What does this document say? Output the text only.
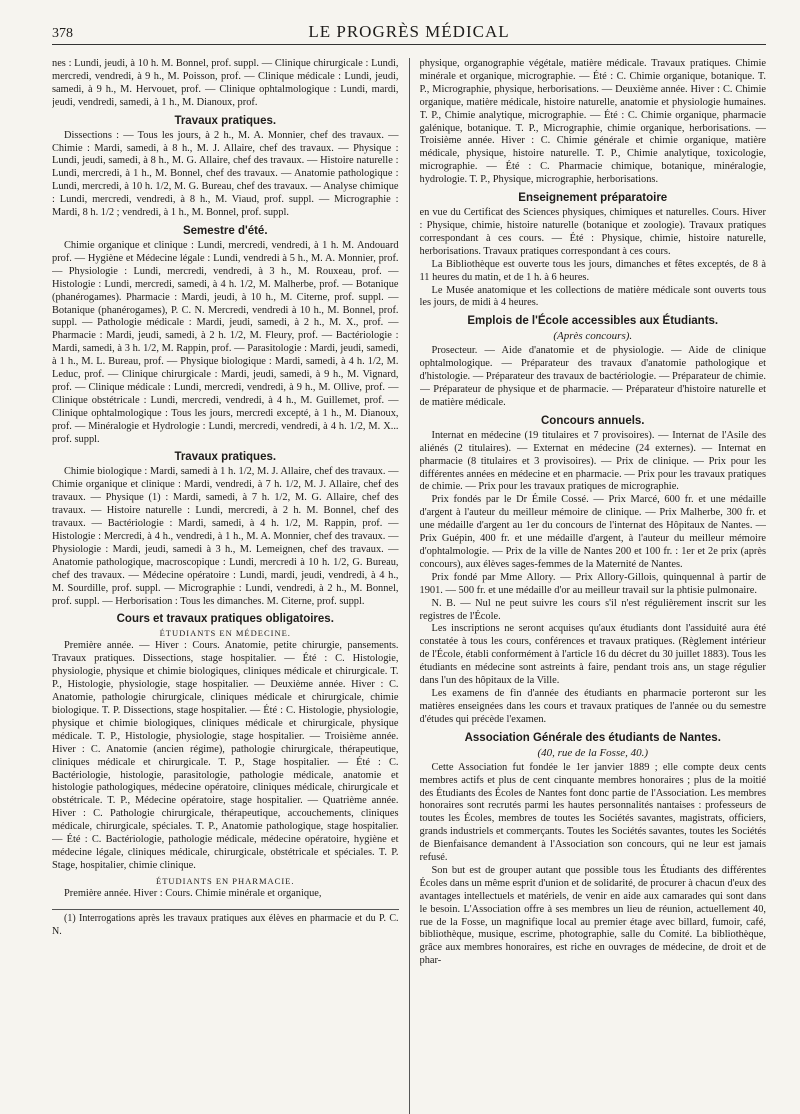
378	LE PROGRÈS MÉDICAL

nes : Lundi, jeudi, à 10 h. M. Bonnel, prof. suppl. — Clinique chirurgicale : Lundi, mercredi, vendredi, à 9 h., M. Poisson, prof. — Clinique médicale : Lundi, jeudi, samedi, à 9 h., M. Hervouet, prof. — Clinique ophtalmologique : Lundi, mardi, jeudi, vendredi, samedi, à 1 h., M. Dianoux, prof.

Travaux pratiques.

Dissections : — Tous les jours, à 2 h., M. A. Monnier, chef des travaux. — Chimie : Mardi, samedi, à 8 h., M. J. Allaire, chef des travaux. — Physique : Lundi, jeudi, samedi, à 8 h., M. G. Allaire, chef des travaux. — Histoire naturelle : Lundi, mercredi, à 1 h., M. Bonnel, chef des travaux. — Anatomie pathologique : Lundi, mercredi, à 10 h. 1/2, M. G. Bureau, chef des travaux. — Analyse chimique : Lundi, mercredi, vendredi, à 8 h., M. Viaud, prof. suppl. — Micrographie : Mardi, 8 h. 1/2 ; vendredi, à 1 h., M. Bonnel, prof. suppl.

Semestre d'été.

Chimie organique et clinique : Lundi, mercredi, vendredi, à 1 h. M. Andouard prof. — Hygiène et Médecine légale : Lundi, vendredi à 5 h., M. A. Monnier, prof. — Physiologie : Lundi, mercredi, vendredi, à 3 h., M. Rouxeau, prof. — Histologie : Lundi, mercredi, samedi, à 4 h. 1/2, M. Malherbe, prof. — Botanique (phanérogames). Pharmacie : Mardi, jeudi, à 10 h., M. Citerne, prof. suppl. — Botanique (phanérogames), P. C. N. Mercredi, vendredi à 10 h., M. Bonnel, prof. suppl. — Pathologie médicale : Mardi, jeudi, samedi, à 2 h., M. X., prof. — Pharmacie : Mardi, jeudi, samedi, à 2 h. 1/2, M. Fleury, prof. — Bactériologie : Mardi, samedi, à 3 h. 1/2, M. Rappin, prof. — Parasitologie : Mardi, jeudi, samedi, à 1 h., M. L. Bureau, prof. — Physique biologique : Mardi, samedi, à 4 h. 1/2, M. Leduc, prof. — Clinique chirurgicale : Mardi, jeudi, samedi, à 9 h., M. Vignard, prof. — Clinique médicale : Lundi, mercredi, vendredi, à 9 h., M. Ollive, prof. — Clinique obstétricale : Lundi, mercredi, vendredi, à 4 h., M. Guillemet, prof. — Clinique ophtalmologique : Tous les jours, mercredi excepté, à 1 h., M. Dianoux, prof. — Minéralogie et Hydrologie : Lundi, mercredi, vendredi, à 4 h. 1/2, M. X... prof. suppl.

Travaux pratiques.

Chimie biologique : Mardi, samedi à 1 h. 1/2, M. J. Allaire, chef des travaux. — Chimie organique et clinique : Mardi, vendredi, à 7 h. 1/2, M. J. Allaire, chef des travaux. — Physique (1) : Mardi, samedi, à 7 h. 1/2, M. G. Allaire, chef des travaux. — Histoire naturelle : Lundi, mercredi, à 2 h. M. Bonnel, chef des travaux. — Bactériologie : Mardi, samedi, à 4 h. 1/2, M. Rappin, prof. — Histologie : Mercredi, à 4 h., vendredi, à 1 h., M. A. Monnier, chef des travaux. — Physiologie : Mardi, jeudi, samedi à 3 h., M. Lemeignen, chef des travaux. — Anatomie pathologique, macroscopique : Lundi, mercredi à 10 h. 1/2, G. Bureau, chef des travaux. — Médecine opératoire : Lundi, mardi, jeudi, vendredi, à 4 h., M. Sourdille, prof. suppl. — Micrographie : Lundi, vendredi, à 2 h., M. Bonnel, prof. suppl. — Herborisation : Tous les dimanches. M. Citerne, prof. suppl.

Cours et travaux pratiques obligatoires.
ÉTUDIANTS EN MÉDECINE.

Première année. — Hiver : Cours. Anatomie, petite chirurgie, pansements. Travaux pratiques. Dissections, stage hospitalier. — Été : C. Histologie, physiologie, physique et chimie biologiques, cliniques médicale et chirurgicale. T. P., Histologie, physiologie, stage hospitalier. — Deuxième année. Hiver : C. Anatomie, pathologie chirurgicale, cliniques médicale et chirurgicale, chimie biologique. T. P. Dissections, stage hospitalier. — Été : C. Histologie, physiologie, physique et chimie biologiques, cliniques médicale et chirurgicale, physique médicale. T. P., Histologie, physiologie, stage hospitalier. — Troisième année. Hiver : C. Anatomie (ancien régime), pathologie chirurgicale, thérapeutique, cliniques médicale et chirurgicale. T. P., Stage hospitalier. — Été : C. Bactériologie, histologie, parasitologie, pathologie médicale, anatomie et histologie pathologiques, médecine opératoire, cliniques médicale, chirurgicale et obstétricale. T. P., Médecine opératoire, stage hospitalier. — Quatrième année. Hiver : C. Pathologie chirurgicale, thérapeutique, accouchements, cliniques médicale, chirurgicale, spéciales. T. P., Anatomie pathologique, stage hospitalier. — Été : C. Bactériologie, pathologie médicale, médecine opératoire, hygiène et médecine légale, cliniques médicale, chirurgicale, obstétricale et spéciales. T. P. Stage, hospitalier, chimie clinique.

ÉTUDIANTS EN PHARMACIE.

Première année. Hiver : Cours. Chimie minérale et organique,

(1) Interrogations après les travaux pratiques aux élèves en pharmacie et du P. C. N.

physique, organographie végétale, matière médicale. Travaux pratiques. Chimie minérale et organique, micrographie. — Été : C. Chimie organique, botanique. T. P., Micrographie, physique, herborisations. — Deuxième année. Hiver : C. Chimie organique, matière médicale, histoire naturelle, anatomie et physiologie humaines. T. P., Chimie analytique, micrographie. — Été : C. Chimie organique, pharmacie galénique, botanique. T. P., Micrographie, chimie organique, herborisations. — Troisième année. Hiver : C. Chimie générale et chimie organique, matière médicale, physique, histoire naturelle. T. P., Chimie analytique, toxicologie, micrographie. — Été : C. Pharmacie chimique, botanique, minéralogie, hydrologie. T. P., Physique, micrographie, herborisations.

Enseignement préparatoire

en vue du Certificat des Sciences physiques, chimiques et naturelles. Cours. Hiver : Physique, chimie, histoire naturelle (botanique et zoologie). Travaux pratiques correspondant à ces cours. — Été : Physique, chimie, histoire naturelle, herborisations. Travaux pratiques correspondant à ces cours.

La Bibliothèque est ouverte tous les jours, dimanches et fêtes exceptés, de 8 à 11 heures du matin, et de 1 h. à 6 heures.

Le Musée anatomique et les collections de matière médicale sont ouverts tous les jours, de midi à 4 heures.

Emplois de l'École accessibles aux Étudiants.
(Après concours).

Prosecteur. — Aide d'anatomie et de physiologie. — Aide de clinique ophtalmologique. — Préparateur des travaux d'anatomie pathologique et d'histologie. — Préparateur des travaux de bactériologie. — Préparateur de chimie. — Préparateur de physique et de pharmacie. — Préparateur d'histoire naturelle et de matière médicale.

Concours annuels.

Internat en médecine (19 titulaires et 7 provisoires). — Internat de l'Asile des aliénés (2 titulaires). — Externat en médecine (24 externes). — Internat en pharmacie (8 titulaires et 3 provisoires). — Prix de clinique. — Prix pour les différentes années en médecine et en pharmacie. — Prix pour les travaux pratiques de chimie. — Prix pour les travaux pratiques de micrographie.

Prix fondés par le Dr Émile Cossé. — Prix Marcé, 600 fr. et une médaille d'argent à l'auteur du meilleur mémoire de clinique. — Prix Malherbe, 300 fr. et une médaille d'argent au 1er du concours de l'internat des Hôpitaux de Nantes. — Prix Guépin, 400 fr. et une médaille d'argent, à l'auteur du meilleur mémoire d'ophtalmologie. — Prix de la ville de Nantes 200 et 100 fr. : 1er et 2e prix (après concours), aux élèves sages-femmes de la Maternité de Nantes.

Prix fondé par Mme Allory. — Prix Allory-Gillois, quinquennal à partir de 1901. — 500 fr. et une médaille d'or au meilleur travail sur la phtisie pulmonaire.

N. B. — Nul ne peut suivre les cours s'il n'est régulièrement inscrit sur les registres de l'École.

Les inscriptions ne seront acquises qu'aux étudiants dont l'assiduité aura été constatée à tous les cours, conférences et travaux pratiques. (Règlement intérieur de l'École, établi conformément à l'article 16 du décret du 30 juillet 1883). Tous les étudiants en médecine sont astreints à faire, pendant trois ans, un stage régulier dans l'un des hôpitaux de la Ville.

Les examens de fin d'année des étudiants en pharmacie porteront sur les matières enseignées dans les cours et travaux pratiques de l'année ou du semestre d'études qui précède l'examen.

Association Générale des étudiants de Nantes.
(40, rue de la Fosse, 40.)

Cette Association fut fondée le 1er janvier 1889 ; elle compte deux cents membres actifs et plus de cent cinquante membres honoraires ; plus de la moitié des Étudiants des Écoles de Nantes font donc partie de l'Association. Les membres honoraires sont recrutés parmi les hautes personnalités nantaises : professeurs de toutes les Écoles, membres de toutes les Sociétés savantes, magistrats, officiers, grands industriels et commerçants. Toutes les Sociétés savantes, toutes les Sociétés de Bienfaisance demandent à l'Association son concours, qui ne leur est jamais refusé.

Son but est de grouper autant que possible tous les Étudiants des différentes Écoles dans un même esprit d'union et de solidarité, de procurer à chacun d'eux des avantages intellectuels et matériels, de venir en aide aux camarades qui sont dans le besoin. L'Association offre à ses membres un lieu de réunion, actuellement 40, rue de la Fosse, un magnifique local au premier étage avec billard, fumoir, café, bibliothèque, musique, escrime, photographie, salle du Comité. La bibliothèque, grâce aux membres honoraires, est riche en ouvrages de médecine, de droit et de phar-
